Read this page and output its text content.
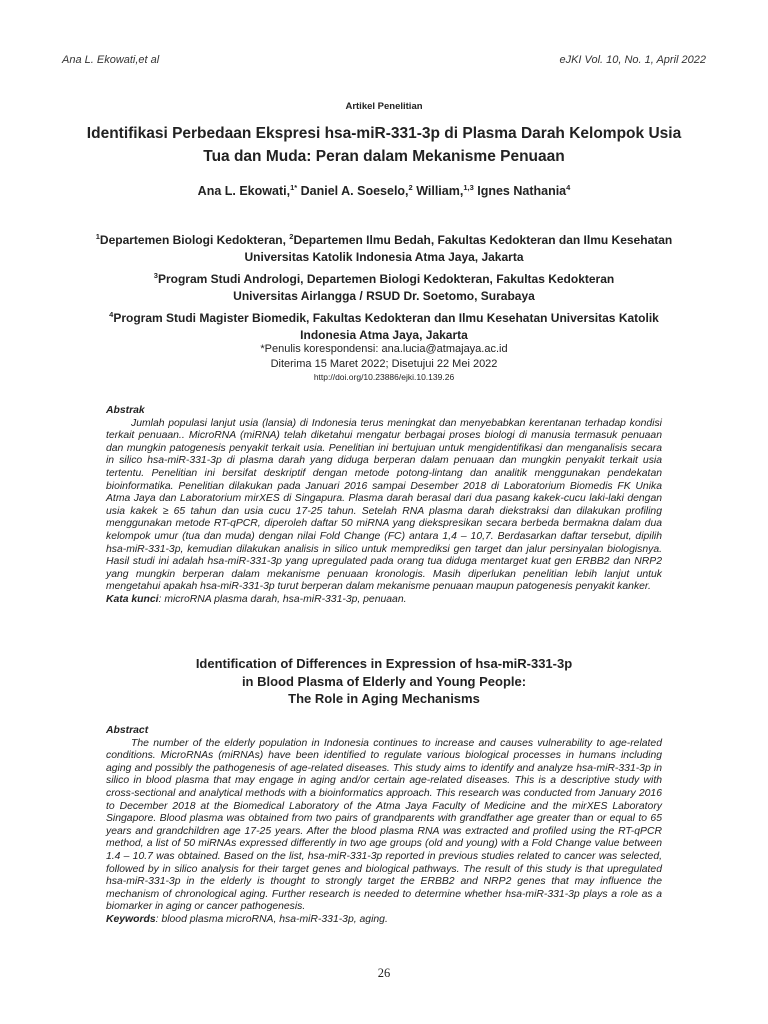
Ana L. Ekowati,et al	eJKI Vol. 10, No. 1, April 2022
Artikel Penelitian
Identifikasi Perbedaan Ekspresi hsa-miR-331-3p di Plasma Darah Kelompok Usia
Tua dan Muda: Peran dalam Mekanisme Penuaan
Ana L. Ekowati,$^{1*}$ Daniel A. Soeselo,$^2$ William,$^{1,3}$ Ignes Nathania$^4$
$^1$Departemen Biologi Kedokteran, $^2$Departemen Ilmu Bedah, Fakultas Kedokteran dan Ilmu Kesehatan
Universitas Katolik Indonesia Atma Jaya, Jakarta
$^3$Program Studi Andrologi, Departemen Biologi Kedokteran, Fakultas Kedokteran
Universitas Airlangga / RSUD Dr. Soetomo, Surabaya
$^4$Program Studi Magister Biomedik, Fakultas Kedokteran dan Ilmu Kesehatan Universitas Katolik
Indonesia Atma Jaya, Jakarta
*Penulis korespondensi: ana.lucia@atmajaya.ac.id
Diterima 15 Maret 2022; Disetujui 22 Mei 2022
http://doi.org/10.23886/ejki.10.139.26
Abstrak
Jumlah populasi lanjut usia (lansia) di Indonesia terus meningkat dan menyebabkan kerentanan terhadap kondisi terkait penuaan.. MicroRNA (miRNA) telah diketahui mengatur berbagai proses biologi di manusia termasuk penuaan dan mungkin patogenesis penyakit terkait usia. Penelitian ini bertujuan untuk mengidentifikasi dan menganalisis secara in silico hsa-miR-331-3p di plasma darah yang diduga berperan dalam penuaan dan mungkin penyakit terkait usia tertentu. Penelitian ini bersifat deskriptif dengan metode potong-lintang dan analitik menggunakan pendekatan bioinformatika. Penelitian dilakukan pada Januari 2016 sampai Desember 2018 di Laboratorium Biomedis FK Unika Atma Jaya dan Laboratorium mirXES di Singapura. Plasma darah berasal dari dua pasang kakek-cucu laki-laki dengan usia kakek ≥ 65 tahun dan usia cucu 17-25 tahun. Setelah RNA plasma darah diekstraksi dan dilakukan profiling menggunakan metode RT-qPCR, diperoleh daftar 50 miRNA yang diekspresikan secara berbeda bermakna dalam dua kelompok umur (tua dan muda) dengan nilai Fold Change (FC) antara 1,4 – 10,7. Berdasarkan daftar tersebut, dipilih hsa-miR-331-3p, kemudian dilakukan analisis in silico untuk memprediksi gen target dan jalur persinyalan biologisnya. Hasil studi ini adalah hsa-miR-331-3p yang upregulated pada orang tua diduga mentarget kuat gen ERBB2 dan NRP2 yang mungkin berperan dalam mekanisme penuaan kronologis. Masih diperlukan penelitian lebih lanjut untuk mengetahui apakah hsa-miR-331-3p turut berperan dalam mekanisme penuaan maupun patogenesis penyakit kanker.
Kata kunci: microRNA plasma darah, hsa-miR-331-3p, penuaan.
Identification of Differences in Expression of hsa-miR-331-3p
in Blood Plasma of Elderly and Young People:
The Role in Aging Mechanisms
Abstract
The number of the elderly population in Indonesia continues to increase and causes vulnerability to age-related conditions. MicroRNAs (miRNAs) have been identified to regulate various biological processes in humans including aging and possibly the pathogenesis of age-related diseases. This study aims to identify and analyze hsa-miR-331-3p in silico in blood plasma that may engage in aging and/or certain age-related diseases. This is a descriptive study with cross-sectional and analytical methods with a bioinformatics approach. This research was conducted from January 2016 to December 2018 at the Biomedical Laboratory of the Atma Jaya Faculty of Medicine and the mirXES Laboratory Singapore. Blood plasma was obtained from two pairs of grandparents with grandfather age greater than or equal to 65 years and grandchildren age 17-25 years. After the blood plasma RNA was extracted and profiled using the RT-qPCR method, a list of 50 miRNAs expressed differently in two age groups (old and young) with a Fold Change value between 1.4 – 10.7 was obtained. Based on the list, hsa-miR-331-3p reported in previous studies related to cancer was selected, followed by in silico analysis for their target genes and biological pathways. The result of this study is that upregulated hsa-miR-331-3p in the elderly is thought to strongly target the ERBB2 and NRP2 genes that may influence the mechanism of chronological aging. Further research is needed to determine whether hsa-miR-331-3p plays a role as a biomarker in aging or cancer pathogenesis.
Keywords: blood plasma microRNA, hsa-miR-331-3p, aging.
26
